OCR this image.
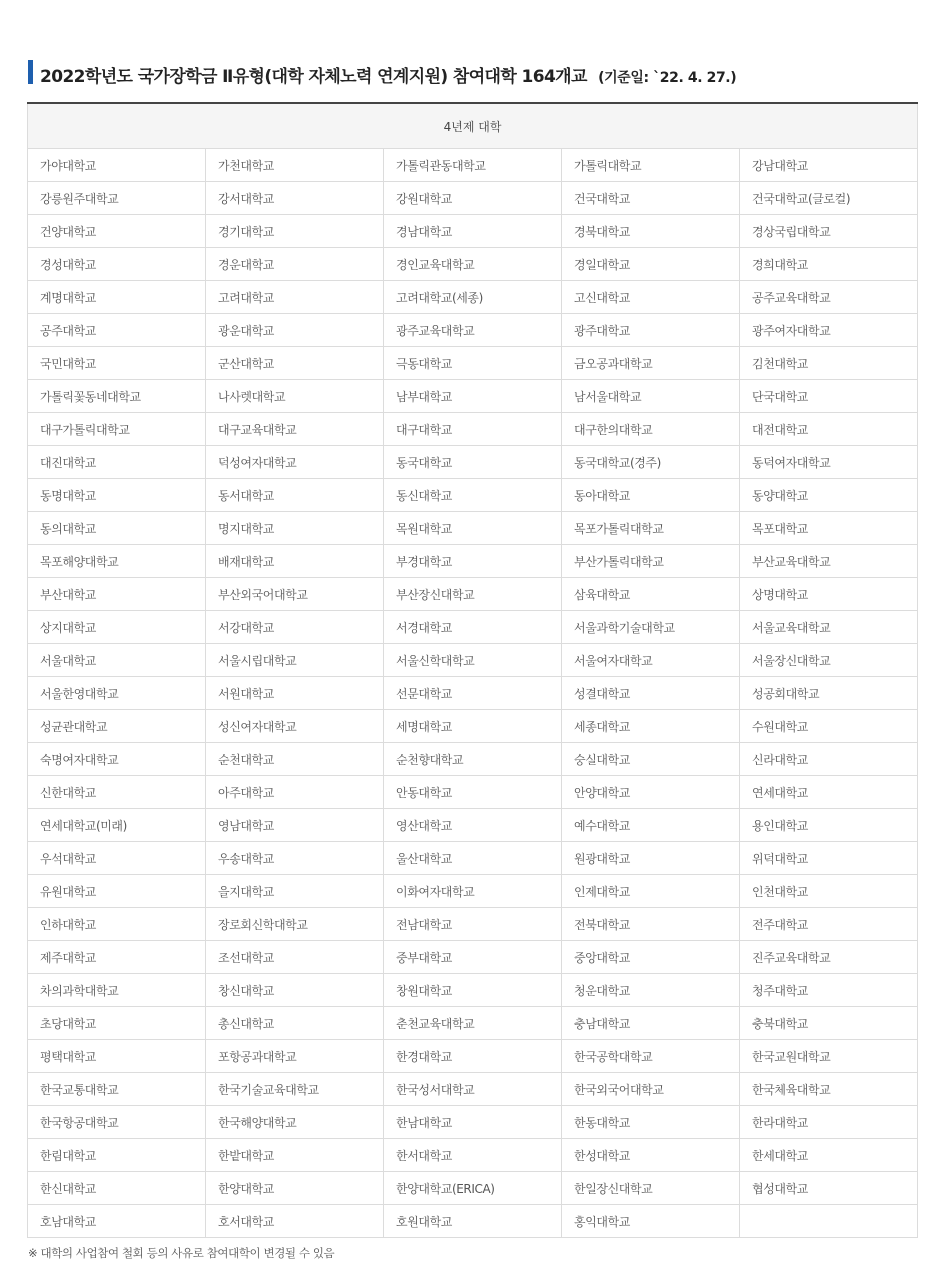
2022학년도 국가장학금 Ⅱ유형(대학 자체노력 연계지원) 참여대학 164개교 (기준일: `22. 4. 27.)
4년제 대학				
가야대학교	가천대학교	가톨릭관동대학교	가톨릭대학교	강남대학교
강릉원주대학교	강서대학교	강원대학교	건국대학교	건국대학교(글로컬)
건양대학교	경기대학교	경남대학교	경북대학교	경상국립대학교
경성대학교	경운대학교	경인교육대학교	경일대학교	경희대학교
계명대학교	고려대학교	고려대학교(세종)	고신대학교	공주교육대학교
공주대학교	광운대학교	광주교육대학교	광주대학교	광주여자대학교
국민대학교	군산대학교	극동대학교	금오공과대학교	김천대학교
가톨릭꽃동네대학교	나사렛대학교	남부대학교	남서울대학교	단국대학교
대구가톨릭대학교	대구교육대학교	대구대학교	대구한의대학교	대전대학교
대진대학교	덕성여자대학교	동국대학교	동국대학교(경주)	동덕여자대학교
동명대학교	동서대학교	동신대학교	동아대학교	동양대학교
동의대학교	명지대학교	목원대학교	목포가톨릭대학교	목포대학교
목포해양대학교	배재대학교	부경대학교	부산가톨릭대학교	부산교육대학교
부산대학교	부산외국어대학교	부산장신대학교	삼육대학교	상명대학교
상지대학교	서강대학교	서경대학교	서울과학기술대학교	서울교육대학교
서울대학교	서울시립대학교	서울신학대학교	서울여자대학교	서울장신대학교
서울한영대학교	서원대학교	선문대학교	성결대학교	성공회대학교
성균관대학교	성신여자대학교	세명대학교	세종대학교	수원대학교
숙명여자대학교	순천대학교	순천향대학교	숭실대학교	신라대학교
신한대학교	아주대학교	안동대학교	안양대학교	연세대학교
연세대학교(미래)	영남대학교	영산대학교	예수대학교	용인대학교
우석대학교	우송대학교	울산대학교	원광대학교	위덕대학교
유원대학교	을지대학교	이화여자대학교	인제대학교	인천대학교
인하대학교	장로회신학대학교	전남대학교	전북대학교	전주대학교
제주대학교	조선대학교	중부대학교	중앙대학교	진주교육대학교
차의과학대학교	창신대학교	창원대학교	청운대학교	청주대학교
초당대학교	총신대학교	춘천교육대학교	충남대학교	충북대학교
평택대학교	포항공과대학교	한경대학교	한국공학대학교	한국교원대학교
한국교통대학교	한국기술교육대학교	한국성서대학교	한국외국어대학교	한국체육대학교
한국항공대학교	한국해양대학교	한남대학교	한동대학교	한라대학교
한림대학교	한밭대학교	한서대학교	한성대학교	한세대학교
한신대학교	한양대학교	한양대학교(ERICA)	한일장신대학교	협성대학교
호남대학교	호서대학교	호원대학교	홍익대학교	
※ 대학의 사업참여 철회 등의 사유로 참여대학이 변경될 수 있음
